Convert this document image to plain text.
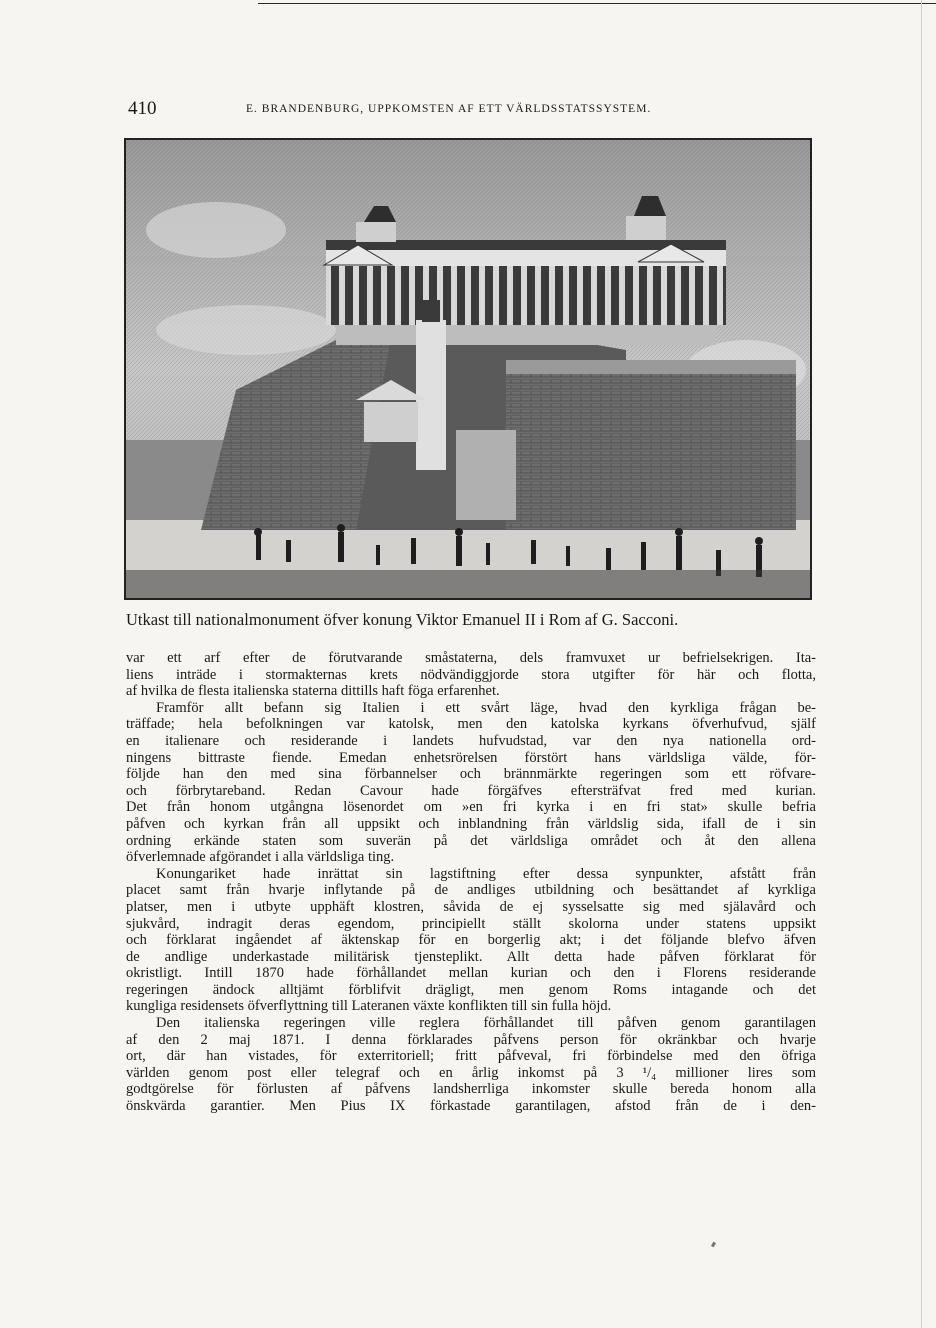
410	E. BRANDENBURG, UPPKOMSTEN AF ETT VÄRLDSSTATSSYSTEM.
Utkast till nationalmonument öfver konung Viktor Emanuel II i Rom af G. Sacconi.
var ett arf efter de förutvarande småstaterna, dels framvuxet ur befrielsekrigen. Ita-
liens inträde i stormakternas krets nödvändiggjorde stora utgifter för här och flotta,
af hvilka de flesta italienska staterna dittills haft föga erfarenhet.
Framför allt befann sig Italien i ett svårt läge, hvad den kyrkliga frågan be-
träffade; hela befolkningen var katolsk, men den katolska kyrkans öfverhufvud, själf
en italienare och residerande i landets hufvudstad, var den nya nationella ord-
ningens bittraste fiende. Emedan enhetsrörelsen förstört hans världsliga välde, för-
följde han den med sina förbannelser och brännmärkte regeringen som ett röfvare-
och förbrytareband. Redan Cavour hade förgäfves eftersträfvat fred med kurian.
Det från honom utgångna lösenordet om »en fri kyrka i en fri stat» skulle befria
påfven och kyrkan från all uppsikt och inblandning från världslig sida, ifall de i sin
ordning erkände staten som suverän på det världsliga området och åt den allena
öfverlemnade afgörandet i alla världsliga ting.
Konungariket hade inrättat sin lagstiftning efter dessa synpunkter, afstått från
placet samt från hvarje inflytande på de andliges utbildning och besättandet af kyrkliga
platser, men i utbyte upphäft klostren, såvida de ej sysselsatte sig med själavård och
sjukvård, indragit deras egendom, principiellt ställt skolorna under statens uppsikt
och förklarat ingåendet af äktenskap för en borgerlig akt; i det följande blefvo äfven
de andlige underkastade militärisk tjensteplikt. Allt detta hade påfven förklarat för
okristligt. Intill 1870 hade förhållandet mellan kurian och den i Florens residerande
regeringen ändock alltjämt förblifvit drägligt, men genom Roms intagande och det
kungliga residensets öfverflyttning till Lateranen växte konflikten till sin fulla höjd.
Den italienska regeringen ville reglera förhållandet till påfven genom garantilagen
af den 2 maj 1871. I denna förklarades påfvens person för okränkbar och hvarje
ort, där han vistades, för exterritoriell; fritt påfveval, fri förbindelse med den öfriga
världen genom post eller telegraf och en årlig inkomst på 3 ¹/₄ millioner lires som
godtgörelse för förlusten af påfvens landsherrliga inkomster skulle bereda honom alla
önskvärda garantier. Men Pius IX förkastade garantilagen, afstod från de i den-
